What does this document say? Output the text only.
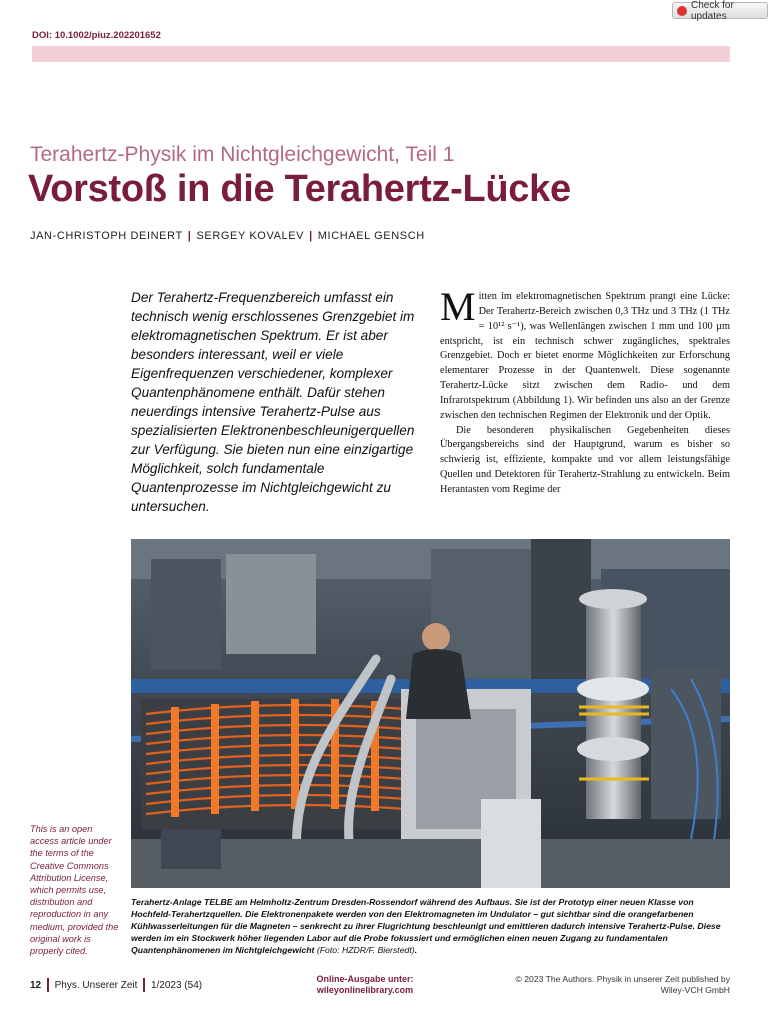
Check for updates
DOI: 10.1002/piuz.202201652
Terahertz-Physik im Nichtgleichgewicht, Teil 1
Vorstoß in die Terahertz-Lücke
JAN-CHRISTOPH DEINERT | SERGEY KOVALEV | MICHAEL GENSCH
Der Terahertz-Frequenzbereich umfasst ein technisch wenig erschlossenes Grenzgebiet im elektromagnetischen Spektrum. Er ist aber besonders interessant, weil er viele Eigenfrequenzen verschiedener, komplexer Quantenphänomene enthält. Dafür stehen neuerdings intensive Terahertz-Pulse aus spezialisierten Elektronenbeschleunigerquellen zur Verfügung. Sie bieten nun eine einzigartige Möglichkeit, solch fundamentale Quantenprozesse im Nichtgleichgewicht zu untersuchen.

Mitten im elektromagnetischen Spektrum prangt eine Lücke: Der Terahertz-Bereich zwischen 0,3 THz und 3 THz (1 THz = 10¹² s⁻¹), was Wellenlängen zwischen 1 mm und 100 µm entspricht, ist ein technisch schwer zugängliches, spektrales Grenzgebiet. Doch er bietet enorme Möglichkeiten zur Erforschung elementarer Prozesse in der Quantenwelt. Diese sogenannte Terahertz-Lücke sitzt zwischen dem Radio- und dem Infrarotspektrum (Abbildung 1). Wir befinden uns also an der Grenze zwischen den technischen Regimen der Elektronik und der Optik.

Die besonderen physikalischen Gegebenheiten dieses Übergangsbereichs sind der Hauptgrund, warum es bisher so schwierig ist, effiziente, kompakte und vor allem leistungsfähige Quellen und Detektoren für Terahertz-Strahlung zu entwickeln. Beim Herantasten vom Regime der

This is an open access article under the terms of the Creative Commons Attribution License, which permits use, distribution and reproduction in any medium, provided the original work is properly cited.
Terahertz-Anlage TELBE am Helmholtz-Zentrum Dresden-Rossendorf während des Aufbaus. Sie ist der Prototyp einer neuen Klasse von Hochfeld-Terahertzquellen. Die Elektronenpakete werden von den Elektromagneten im Undulator – gut sichtbar sind die orangefarbenen Kühlwasserleitungen für die Magneten – senkrecht zu ihrer Flugrichtung beschleunigt und emittieren dadurch intensive Terahertz-Pulse. Diese werden im ein Stockwerk höher liegenden Labor auf die Probe fokussiert und ermöglichen einen neuen Zugang zu fundamentalen Quantenphänomenen im Nichtgleichgewicht (Foto: HZDR/F. Bierstedt).
12 Phys. Unserer Zeit 1/2023 (54)
Online-Ausgabe unter:
wileyonlinelibrary.com
© 2023 The Authors. Physik in unserer Zeit published by
Wiley-VCH GmbH
